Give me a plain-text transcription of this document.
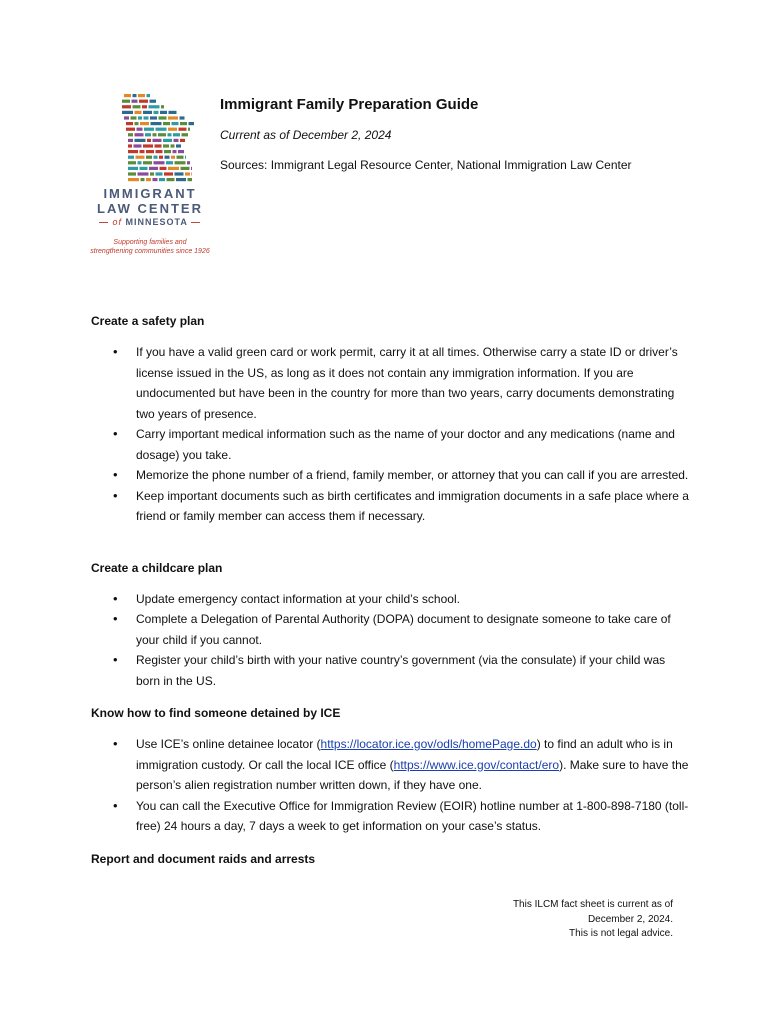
IMMIGRANT
LAW CENTER
— of MINNESOTA —
Supporting families and
strengthening communities since 1926
Immigrant Family Preparation Guide
Current as of December 2, 2024
Sources: Immigrant Legal Resource Center, National Immigration Law Center
Create a safety plan
• If you have a valid green card or work permit, carry it at all times. Otherwise carry a state ID or driver’s license issued in the US, as long as it does not contain any immigration information. If you are undocumented but have been in the country for more than two years, carry documents demonstrating two years of presence.
• Carry important medical information such as the name of your doctor and any medications (name and dosage) you take.
• Memorize the phone number of a friend, family member, or attorney that you can call if you are arrested.
• Keep important documents such as birth certificates and immigration documents in a safe place where a friend or family member can access them if necessary.
Create a childcare plan
• Update emergency contact information at your child’s school.
• Complete a Delegation of Parental Authority (DOPA) document to designate someone to take care of your child if you cannot.
• Register your child’s birth with your native country’s government (via the consulate) if your child was born in the US.
Know how to find someone detained by ICE
• Use ICE’s online detainee locator (https://locator.ice.gov/odls/homePage.do) to find an adult who is in immigration custody. Or call the local ICE office (https://www.ice.gov/contact/ero). Make sure to have the person’s alien registration number written down, if they have one.
• You can call the Executive Office for Immigration Review (EOIR) hotline number at 1-800-898-7180 (toll-free) 24 hours a day, 7 days a week to get information on your case’s status.
Report and document raids and arrests
This ILCM fact sheet is current as of
December 2, 2024.
This is not legal advice.
